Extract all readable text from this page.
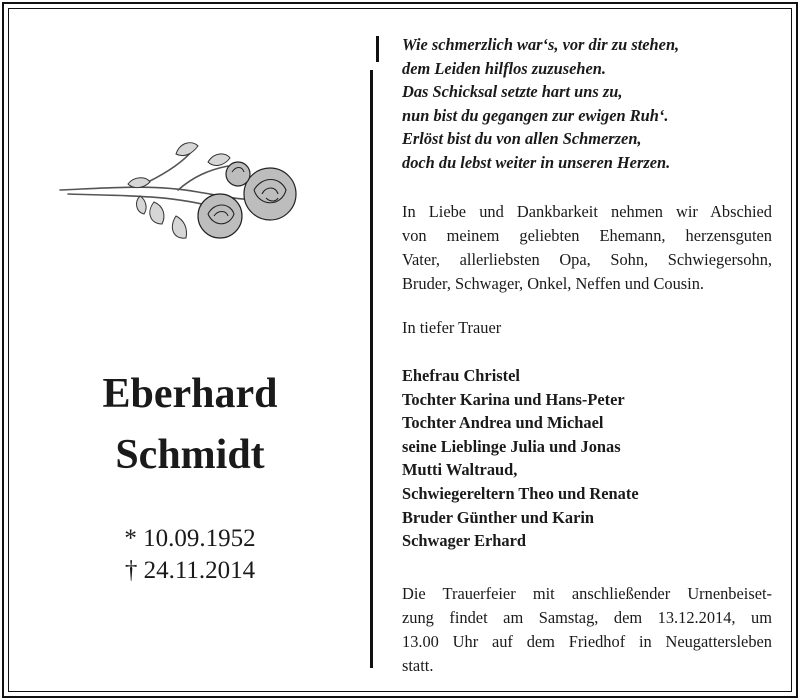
Eberhard
Schmidt
* 10.09.1952
† 24.11.2014
Wie schmerzlich war‘s, vor dir zu stehen,
dem Leiden hilflos zuzusehen.
Das Schicksal setzte hart uns zu,
nun bist du gegangen zur ewigen Ruh‘.
Erlöst bist du von allen Schmerzen,
doch du lebst weiter in unseren Herzen.
In Liebe und Dankbarkeit nehmen wir Abschied
von meinem geliebten Ehemann, herzensguten
Vater, allerliebsten Opa, Sohn, Schwiegersohn,
Bruder, Schwager, Onkel, Neffen und Cousin.
In tiefer Trauer
Ehefrau Christel
Tochter Karina und Hans-Peter
Tochter Andrea und Michael
seine Lieblinge Julia und Jonas
Mutti Waltraud,
Schwiegereltern Theo und Renate
Bruder Günther und Karin
Schwager Erhard
Die Trauerfeier mit anschließender Urnenbeiset-
zung findet am Samstag, dem 13.12.2014, um
13.00 Uhr auf dem Friedhof in Neugattersleben
statt.
